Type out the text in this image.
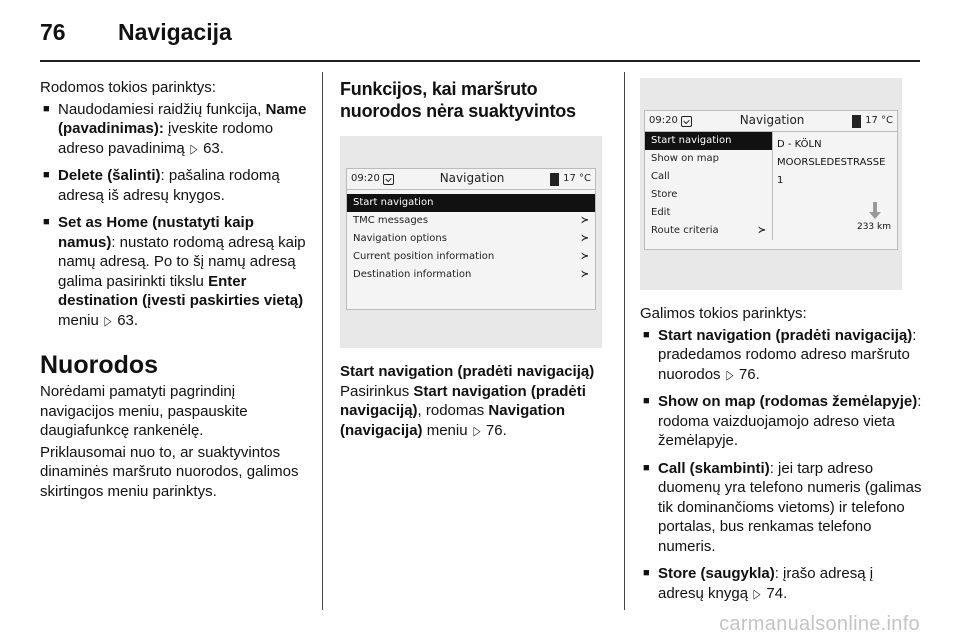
76	Navigacija
Rodomos tokios parinktys:
■ Naudodamiesi raidžių funkcija, Name (pavadinimas): įveskite rodomo adreso pavadinimą ▷ 63.
■ Delete (šalinti): pašalina rodomą adresą iš adresų knygos.
■ Set as Home (nustatyti kaip namus): nustato rodomą adresą kaip namų adresą. Po to šį namų adresą galima pasirinkti tikslu Enter destination (įvesti paskirties vietą) meniu ▷ 63.
Nuorodos
Norėdami pamatyti pagrindinį navigacijos meniu, paspauskite daugiafunkcę rankenėlę.
Priklausomai nuo to, ar suaktyvintos dinaminės maršruto nuorodos, galimos skirtingos meniu parinktys.
Funkcijos, kai maršruto nuorodos nėra suaktyvintos
09:20	Navigation	17 °C
Start navigation
TMC messages	≻
Navigation options	≻
Current position information	≻
Destination information	≻
Start navigation (pradėti navigaciją)
Pasirinkus Start navigation (pradėti navigaciją), rodomas Navigation (navigacija) meniu ▷ 76.
09:20	Navigation	17 °C
Start navigation
Show on map
Call
Store
Edit
Route criteria	≻
D - KÖLN
MOORSLEDESTRASSE
1
233 km
Galimos tokios parinktys:
■ Start navigation (pradėti navigaciją): pradedamos rodomo adreso maršruto nuorodos ▷ 76.
■ Show on map (rodomas žemėlapyje): rodoma vaizduojamojo adreso vieta žemėlapyje.
■ Call (skambinti): jei tarp adreso duomenų yra telefono numeris (galimas tik dominančioms vietoms) ir telefono portalas, bus renkamas telefono numeris.
■ Store (saugykla): įrašo adresą į adresų knygą ▷ 74.
carmanualsonline.info
